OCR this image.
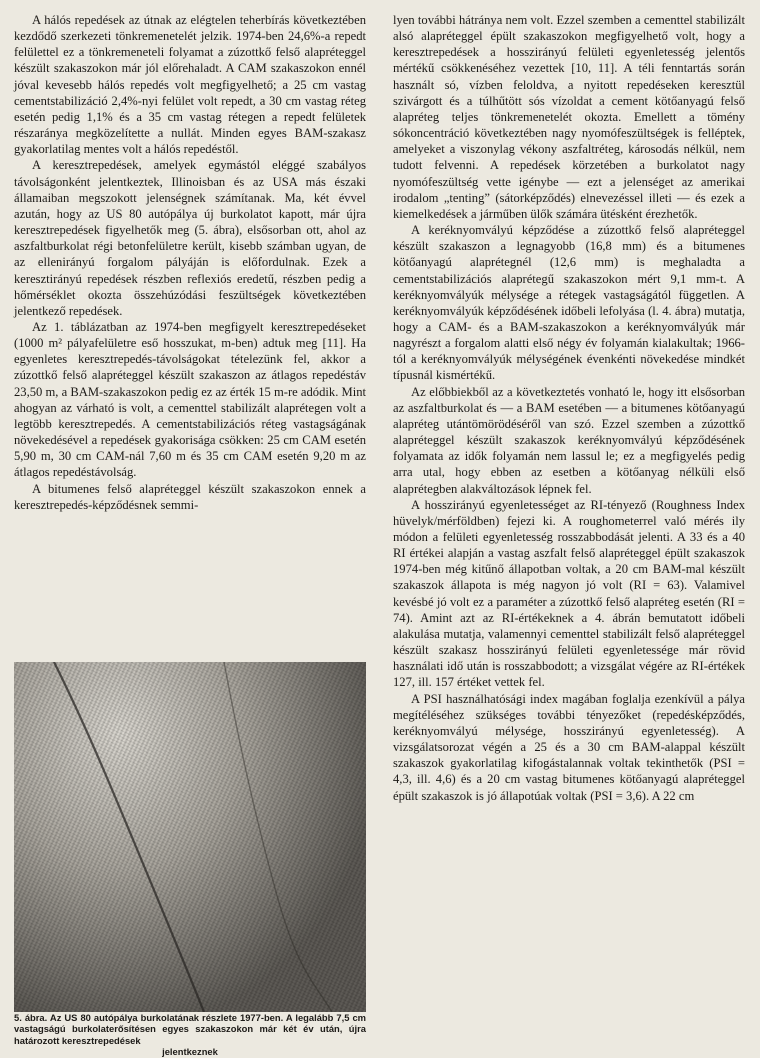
A hálós repedések az útnak az elégtelen teherbírás következtében kezdődő szerkezeti tönkremenetelét jelzik. 1974-ben 24,6%-a repedt felülettel ez a tönkremeneteli folyamat a zúzottkő felső alapréteggel készült szakaszokon már jól előrehaladt. A CAM szakaszokon ennél jóval kevesebb hálós repedés volt megfigyelhető; a 25 cm vastag cementstabilizáció 2,4%-nyi felület volt repedt, a 30 cm vastag réteg esetén pedig 1,1% és a 35 cm vastag rétegen a repedt felületek részaránya megközelítette a nullát. Minden egyes BAM-szakasz gyakorlatilag mentes volt a hálós repedéstől.

A keresztrepedések, amelyek egymástól eléggé szabályos távolságonként jelentkeztek, Illinoisban és az USA más északi államaiban megszokott jelenségnek számítanak. Ma, két évvel azután, hogy az US 80 autópálya új burkolatot kapott, már újra keresztrepedések figyelhetők meg (5. ábra), elsősorban ott, ahol az aszfaltburkolat régi betonfelületre került, kisebb számban ugyan, de az ellenirányú forgalom pályáján is előfordulnak. Ezek a keresztirányú repedések részben reflexiós eredetű, részben pedig a hőmérséklet okozta összehúzódási feszültségek következtében jelentkező repedések.

Az 1. táblázatban az 1974-ben megfigyelt keresztrepedéseket (1000 m² pályafelületre eső hosszukat, m-ben) adtuk meg [11]. Ha egyenletes keresztrepedés-távolságokat tételezünk fel, akkor a zúzottkő felső alapréteggel készült szakaszon az átlagos repedéstáv 23,50 m, a BAM-szakaszokon pedig ez az érték 15 m-re adódik. Mint ahogyan az várható is volt, a cementtel stabilizált alaprétegen volt a legtöbb keresztrepedés. A cementstabilizációs réteg vastagságának növekedésével a repedések gyakorisága csökken: 25 cm CAM esetén 5,90 m, 30 cm CAM-nál 7,60 m és 35 cm CAM esetén 9,20 m az átlagos repedéstávolság.

A bitumenes felső alapréteggel készült szakaszokon ennek a keresztrepedés-képződésnek semmi-

5. ábra. Az US 80 autópálya burkolatának részlete 1977-ben. A legalább 7,5 cm vastagságú burkolaterősítésen egyes szakaszokon már két év után, újra határozott keresztrepedések
jelentkeznek

lyen további hátránya nem volt. Ezzel szemben a cementtel stabilizált alsó alapréteggel épült szakaszokon megfigyelhető volt, hogy a keresztrepedések a hosszirányú felületi egyenletesség jelentős mértékű csökkenéséhez vezettek [10, 11]. A téli fenntartás során használt só, vízben feloldva, a nyitott repedéseken keresztül szivárgott és a túlhűtött sós vízoldat a cement kötőanyagú felső alapréteg teljes tönkremenetelét okozta. Emellett a tömény sókoncentráció következtében nagy nyomófeszültségek is felléptek, amelyeket a viszonylag vékony aszfaltréteg, károsodás nélkül, nem tudott felvenni. A repedések körzetében a burkolatot nagy nyomófeszültség vette igénybe — ezt a jelenséget az amerikai irodalom „tenting” (sátorképződés) elnevezéssel illeti — és ezek a kiemelkedések a járműben ülők számára ütésként érezhetők.

A keréknyomvályú képződése a zúzottkő felső alapréteggel készült szakaszon a legnagyobb (16,8 mm) és a bitumenes kötőanyagú alaprétegnél (12,6 mm) is meghaladta a cementstabilizációs alaprétegű szakaszokon mért 9,1 mm-t. A keréknyomvályúk mélysége a rétegek vastagságától független. A keréknyomvályúk képződésének időbeli lefolyása (l. 4. ábra) mutatja, hogy a CAM- és a BAM-szakaszokon a keréknyomvályúk már nagyrészt a forgalom alatti első négy év folyamán kialakultak; 1966-tól a keréknyomvályúk mélységének évenkénti növekedése mindkét típusnál kismértékű.

Az előbbiekből az a következtetés vonható le, hogy itt elsősorban az aszfaltburkolat és — a BAM esetében — a bitumenes kötőanyagú alapréteg utántömörödéséről van szó. Ezzel szemben a zúzottkő alapréteggel készült szakaszok keréknyomvályú képződésének folyamata az idők folyamán nem lassul le; ez a megfigyelés pedig arra utal, hogy ebben az esetben a kötőanyag nélküli első alaprétegben alakváltozások lépnek fel.

A hosszirányú egyenletességet az RI-tényező (Roughness Index hüvelyk/mérföldben) fejezi ki. A roughometerrel való mérés ily módon a felületi egyenletesség rosszabbodását jelenti. A 33 és a 40 RI értékei alapján a vastag aszfalt felső alapréteggel épült szakaszok 1974-ben még kitűnő állapotban voltak, a 20 cm BAM-mal készült szakaszok állapota is még nagyon jó volt (RI = 63). Valamivel kevésbé jó volt ez a paraméter a zúzottkő felső alapréteg esetén (RI = 74). Amint azt az RI-értékeknek a 4. ábrán bemutatott időbeli alakulása mutatja, valamennyi cementtel stabilizált felső alapréteggel készült szakasz hosszirányú felületi egyenletessége már rövid használati idő után is rosszabbodott; a vizsgálat végére az RI-értékek 127, ill. 157 értéket vettek fel.

A PSI használhatósági index magában foglalja ezenkívül a pálya megítéléséhez szükséges további tényezőket (repedésképződés, keréknyomvályú mélysége, hosszirányú egyenletesség). A vizsgálatsorozat végén a 25 és a 30 cm BAM-alappal készült szakaszok gyakorlatilag kifogástalannak voltak tekinthetők (PSI = 4,3, ill. 4,6) és a 20 cm vastag bitumenes kötőanyagú alapréteggel épült szakaszok is jó állapotúak voltak (PSI = 3,6). A 22 cm
